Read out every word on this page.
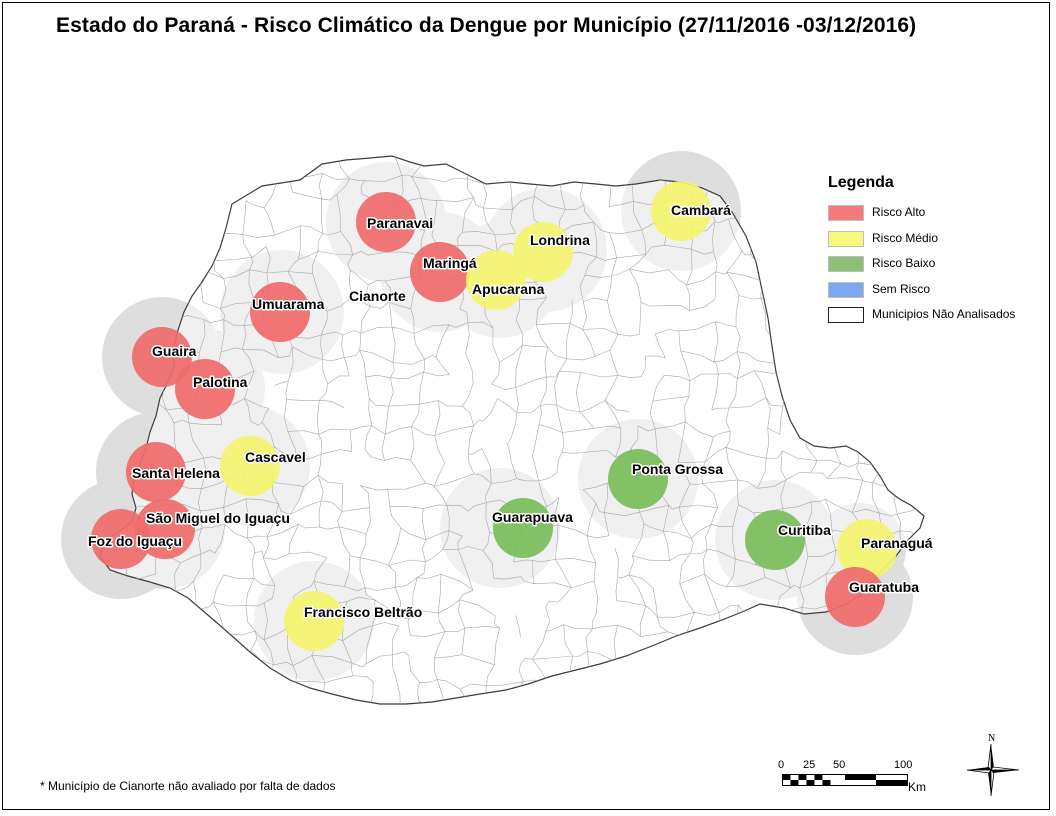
Paranavai
Maringá
Londrina
Apucarana
Cambará
Cianorte
Umuarama
Guaira
Palotina
Santa Helena
Cascavel
São Miguel do Iguaçu
Foz do Iguaçu
Guarapuava
Ponta Grossa
Curitiba
Paranaguá
Guaratuba
Francisco Beltrão
Estado do Paraná - Risco Climático da Dengue por Município (27/11/2016 -03/12/2016)
Legenda
Risco Alto
Risco Médio
Risco Baixo
Sem Risco
Municipios Não Analisados
* Município de Cianorte não avaliado por falta de dados
0 25 50	100
Km
N
